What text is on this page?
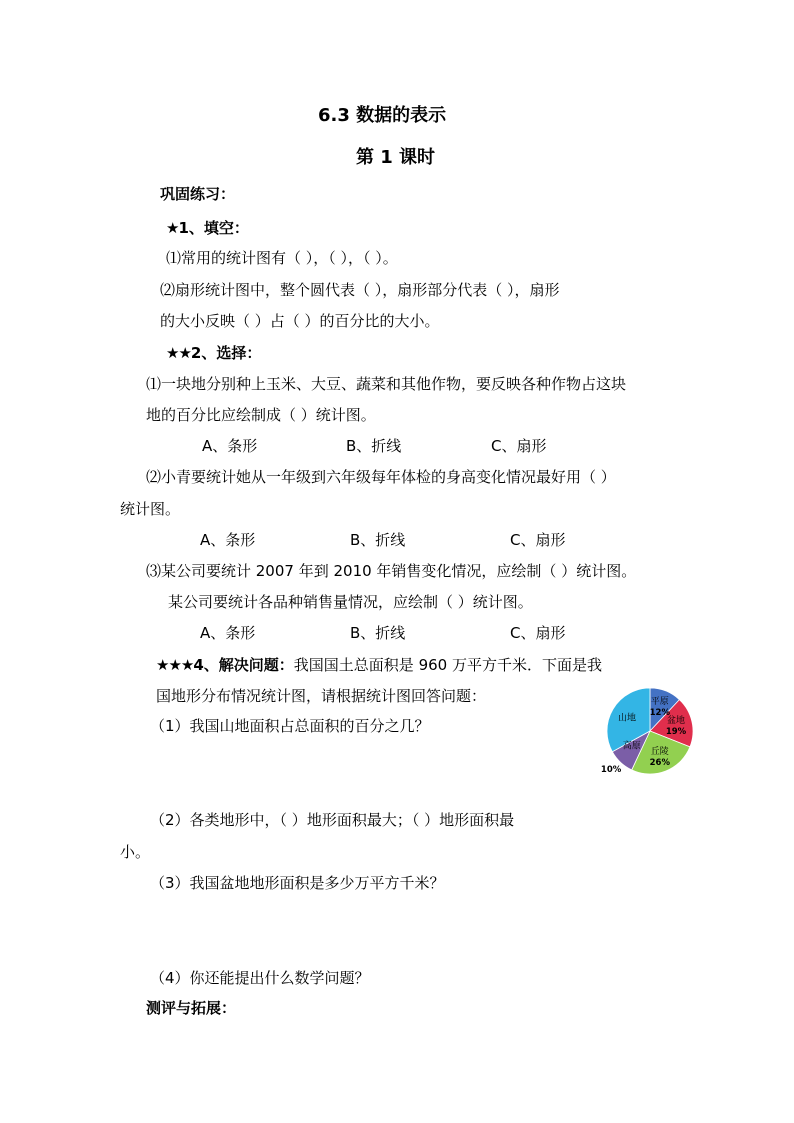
6.3 数据的表示
第 1 课时
巩固练习：
★1、填空：
⑴常用的统计图有（ ），（ ），（ ）。
⑵扇形统计图中，整个圆代表（ ），扇形部分代表（ ），扇形
的大小反映（ ）占（ ）的百分比的大小。
★★2、选择：
⑴一块地分别种上玉米、大豆、蔬菜和其他作物，要反映各种作物占这块
地的百分比应绘制成（ ）统计图。
A、条形	B、折线	C、扇形
⑵小青要统计她从一年级到六年级每年体检的身高变化情况最好用（ ）
统计图。
A、条形	B、折线	C、扇形
⑶某公司要统计 2007 年到 2010 年销售变化情况，应绘制（ ）统计图。
某公司要统计各品种销售量情况，应绘制（ ）统计图。
A、条形	B、折线	C、扇形
★★★4、解决问题：我国国土总面积是 960 万平方千米．下面是我
国地形分布情况统计图，请根据统计图回答问题：
（1）我国山地面积占总面积的百分之几？
平原
12%
盆地
19%
丘陵
26%
高原
10%
山地
（2）各类地形中，（ ）地形面积最大；（ ）地形面积最
小。
（3）我国盆地地形面积是多少万平方千米？
（4）你还能提出什么数学问题？
测评与拓展：
